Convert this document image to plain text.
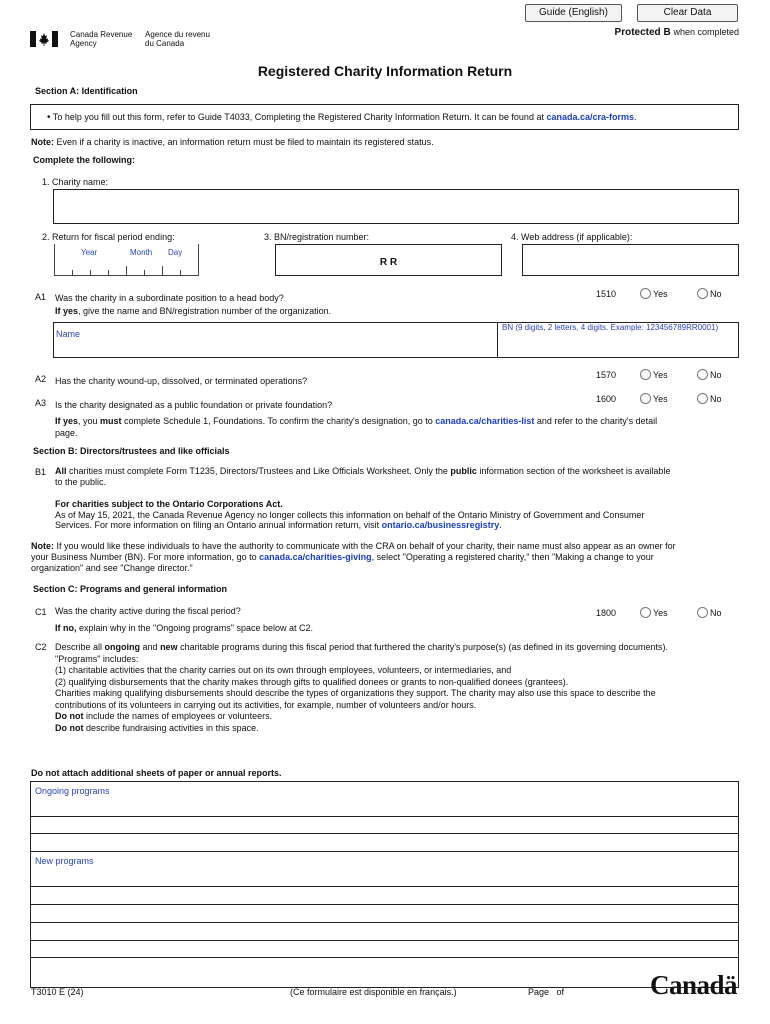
Guide (English)	Clear Data
Canada Revenue
Agency
Agence du revenu
du Canada
Protected B when completed
Registered Charity Information Return
Section A: Identification
• To help you fill out this form, refer to Guide T4033, Completing the Registered Charity Information Return. It can be found at canada.ca/cra-forms.
Note: Even if a charity is inactive, an information return must be filed to maintain its registered status.
Complete the following:
1. Charity name:
2. Return for fiscal period ending:
Year	Month Day
3. BN/registration number:
R R
4. Web address (if applicable):
A1 Was the charity in a subordinate position to a head body?	1510	Yes	No
If yes, give the name and BN/registration number of the organization.
Name
BN (9 digits, 2 letters, 4 digits. Example: 123456789RR0001)
A2 Has the charity wound-up, dissolved, or terminated operations?
1570	Yes	No
A3 Is the charity designated as a public foundation or private foundation?
1600	Yes	No
If yes, you must complete Schedule 1, Foundations. To confirm the charity's designation, go to canada.ca/charities-list and refer to the charity's detail
page.
Section B: Directors/trustees and like officials
B1 All charities must complete Form T1235, Directors/Trustees and Like Officials Worksheet. Only the public information section of the worksheet is available
to the public.
For charities subject to the Ontario Corporations Act.
As of May 15, 2021, the Canada Revenue Agency no longer collects this information on behalf of the Ontario Ministry of Government and Consumer
Services. For more information on filing an Ontario annual information return, visit ontario.ca/businessregistry.
Note: If you would like these individuals to have the authority to communicate with the CRA on behalf of your charity, their name must also appear as an owner for
your Business Number (BN). For more information, go to canada.ca/charities-giving, select "Operating a registered charity," then "Making a change to your
organization" and see "Change director."
Section C: Programs and general information
C1 Was the charity active during the fiscal period?	1800	Yes	No
If no, explain why in the "Ongoing programs" space below at C2.
C2 Describe all ongoing and new charitable programs during this fiscal period that furthered the charity's purpose(s) (as defined in its governing documents).
"Programs" includes:
(1) charitable activities that the charity carries out on its own through employees, volunteers, or intermediaries, and
(2) qualifying disbursements that the charity makes through gifts to qualified donees or grants to non-qualified donees (grantees).
Charities making qualifying disbursements should describe the types of organizations they support. The charity may also use this space to describe the
contributions of its volunteers in carrying out its activities, for example, number of volunteers and/or hours.
Do not include the names of employees or volunteers.
Do not describe fundraising activities in this space.
Do not attach additional sheets of paper or annual reports.
Ongoing programs
New programs
T3010 E (24)	(Ce formulaire est disponible en français.)	Page of	Canadä
